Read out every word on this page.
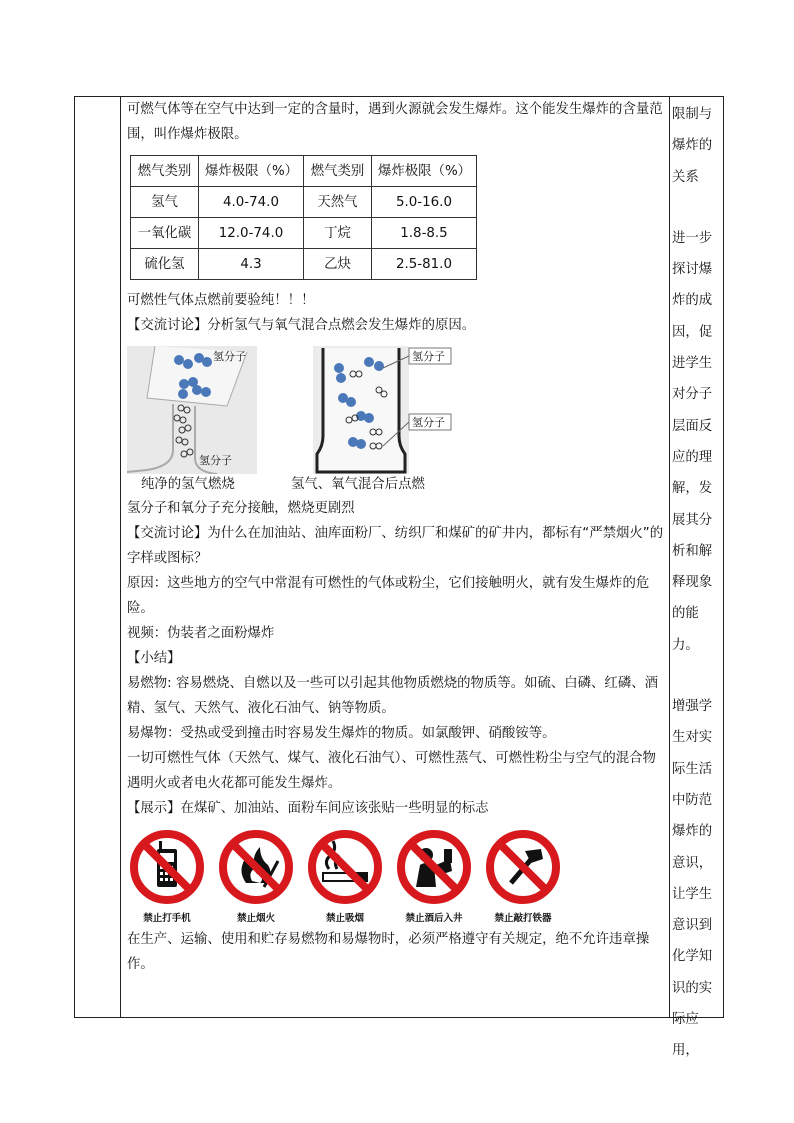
可燃气体等在空气中达到一定的含量时，遇到火源就会发生爆炸。这个能发生爆炸的含量范围，叫作爆炸极限。

燃气类别	爆炸极限（%）	燃气类别	爆炸极限（%）
氢气	4.0-74.0	天然气	5.0-16.0
一氧化碳	12.0-74.0	丁烷	1.8-8.5
硫化氢	4.3	乙炔	2.5-81.0

可燃性气体点燃前要验纯！！！

【交流讨论】分析氢气与氧气混合点燃会发生爆炸的原因。

氢分子
氢分子
纯净的氢气燃烧
氢分子
氢分子
氢气、氧气混合后点燃

氢分子和氧分子充分接触，燃烧更剧烈

【交流讨论】为什么在加油站、油库面粉厂、纺织厂和煤矿的矿井内，都标有“严禁烟火”的字样或图标？

原因：这些地方的空气中常混有可燃性的气体或粉尘，它们接触明火，就有发生爆炸的危险。

视频：伪装者之面粉爆炸

【小结】

易燃物: 容易燃烧、自燃以及一些可以引起其他物质燃烧的物质等。如硫、白磷、红磷、酒精、氢气、天然气、液化石油气、钠等物质。

易爆物：受热或受到撞击时容易发生爆炸的物质。如氯酸钾、硝酸铵等。

一切可燃性气体（天然气、煤气、液化石油气）、可燃性蒸气、可燃性粉尘与空气的混合物遇明火或者电火花都可能发生爆炸。

【展示】在煤矿、加油站、面粉车间应该张贴一些明显的标志

禁止打手机	禁止烟火	禁止吸烟	禁止酒后入井	禁止敲打铁器

在生产、运输、使用和贮存易燃物和易爆物时，必须严格遵守有关规定，绝不允许违章操作。

限制与
爆炸的
关系
进一步
探讨爆
炸的成
因，促
进学生
对分子
层面反
应的理
解，发
展其分
析和解
释现象
的能力。
增强学
生对实
际生活
中防范
爆炸的
意识，
让学生
意识到
化学知
识的实
际应用，
